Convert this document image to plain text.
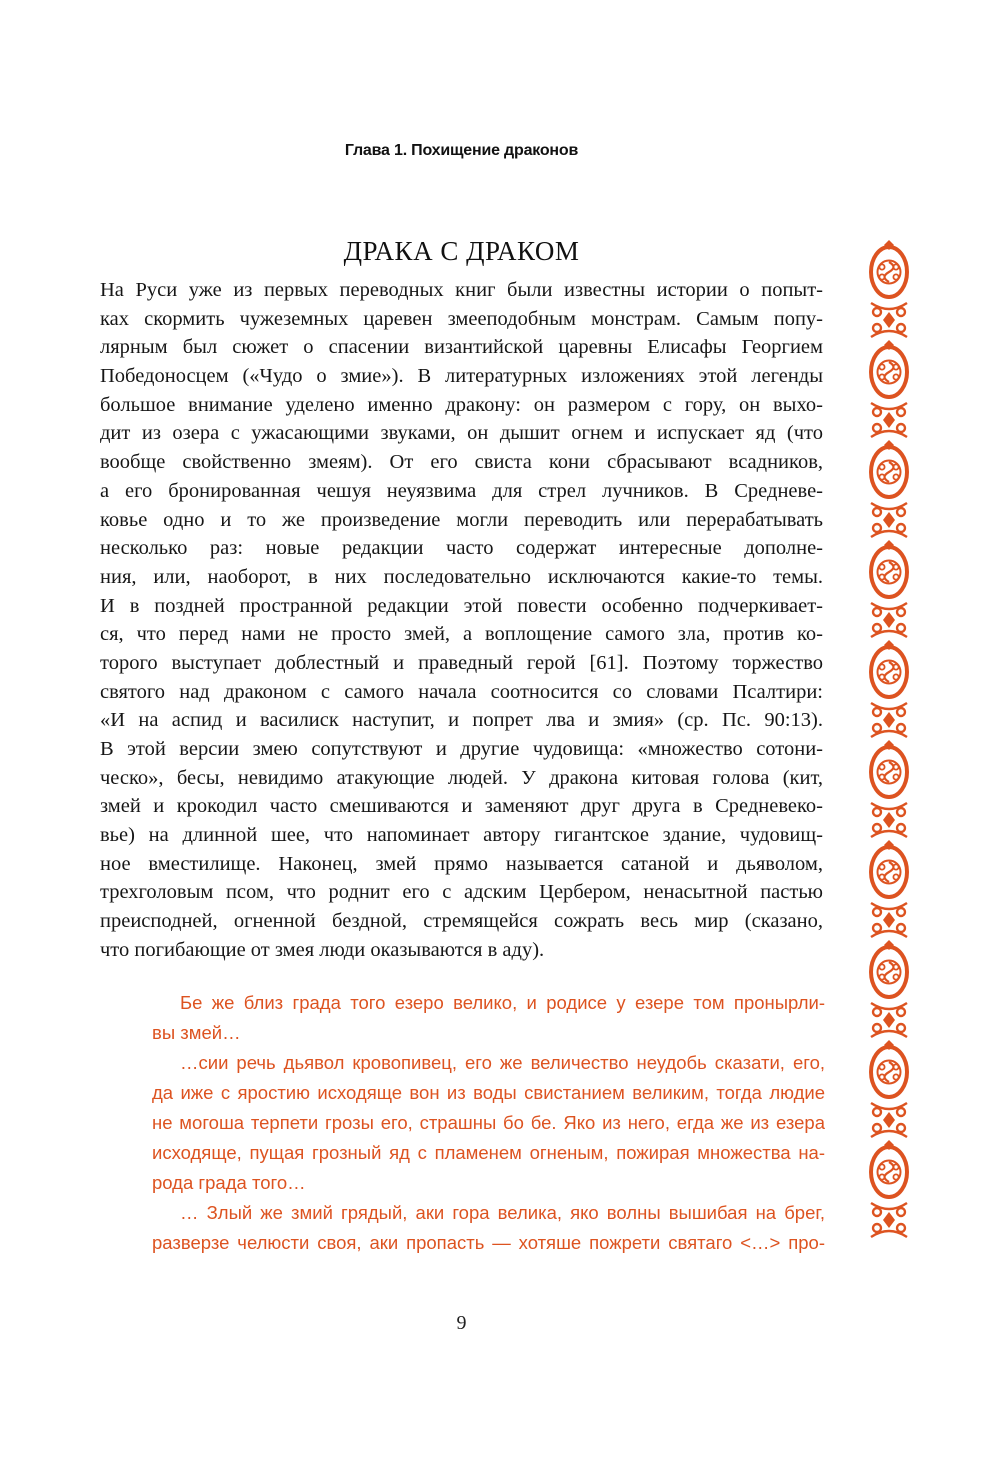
Глава 1. Похищение драконов
ДРАКА С ДРАКОМ
На Руси уже из первых переводных книг были известны истории о попыт-
ках скормить чужеземных царевен змееподобным монстрам. Самым попу-
лярным был сюжет о спасении византийской царевны Елисафы Георгием
Победоносцем («Чудо о змие»). В литературных изложениях этой легенды
большое внимание уделено именно дракону: он размером с гору, он выхо-
дит из озера с ужасающими звуками, он дышит огнем и испускает яд (что
вообще свойственно змеям). От его свиста кони сбрасывают всадников,
а его бронированная чешуя неуязвима для стрел лучников. В Средневе-
ковье одно и то же произведение могли переводить или перерабатывать
несколько раз: новые редакции часто содержат интересные дополне-
ния, или, наоборот, в них последовательно исключаются какие-то темы.
И в поздней пространной редакции этой повести особенно подчеркивает-
ся, что перед нами не просто змей, а воплощение самого зла, против ко-
торого выступает доблестный и праведный герой [61]. Поэтому торжество
святого над драконом с самого начала соотносится со словами Псалтири:
«И на аспид и василиск наступит, и попрет лва и змия» (ср. Пс. 90:13).
В этой версии змею сопутствуют и другие чудовища: «множество сотони-
ческо», бесы, невидимо атакующие людей. У дракона китовая голова (кит,
змей и крокодил часто смешиваются и заменяют друг друга в Средневеко-
вье) на длинной шее, что напоминает автору гигантское здание, чудовищ-
ное вместилище. Наконец, змей прямо называется сатаной и дьяволом,
трехголовым псом, что роднит его с адским Цербером, ненасытной пастью
преисподней, огненной бездной, стремящейся сожрать весь мир (сказано,
что погибающие от змея люди оказываются в аду).
Бе же близ града того езеро велико, и родисе у езере том пронырли-
вы змей…
…сии речь дьявол кровопивец, его же величество неудобь сказати, его,
да иже с яростию исходяще вон из воды свистанием великим, тогда людие
не могоша терпети грозы его, страшны бо бе. Яко из него, егда же из езера
исходяще, пущая грозный яд с пламенем огненым, пожирая множества на-
рода града того…
… Злый же змий грядый, аки гора велика, яко волны вышибая на брег,
разверзе челюсти своя, аки пропасть — хотяше пожрети святаго <…> про-
9
